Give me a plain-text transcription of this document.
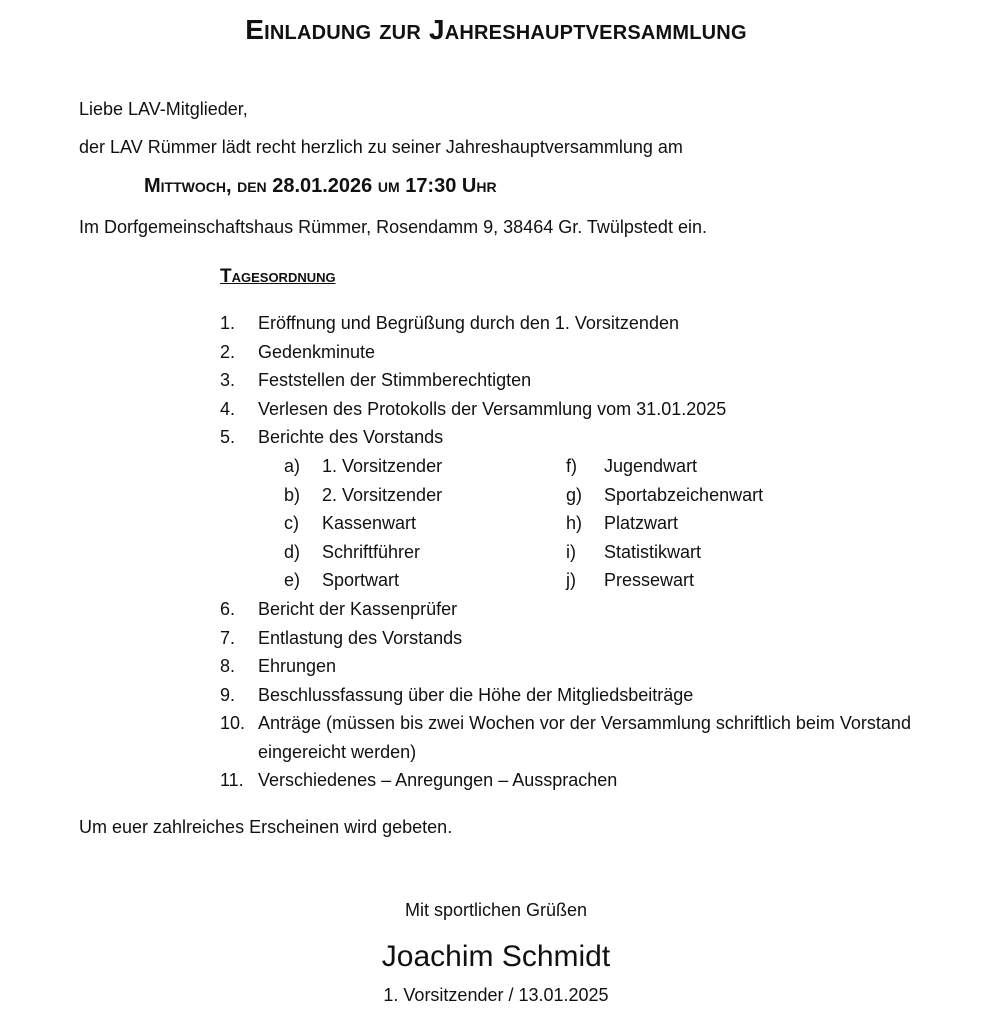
Einladung zur Jahreshauptversammlung
Liebe LAV-Mitglieder,
der LAV Rümmer lädt recht herzlich zu seiner Jahreshauptversammlung am
Mittwoch, den 28.01.2026 um 17:30 Uhr
Im Dorfgemeinschaftshaus Rümmer, Rosendamm 9, 38464 Gr. Twülpstedt ein.
Tagesordnung
1.	Eröffnung und Begrüßung durch den 1. Vorsitzenden
2.	Gedenkminute
3.	Feststellen der Stimmberechtigten
4.	Verlesen des Protokolls der Versammlung vom 31.01.2025
5.	Berichte des Vorstands
a) 1. Vorsitzender
b) 2. Vorsitzender
c) Kassenwart
d) Schriftführer
e) Sportwart
f) Jugendwart
g) Sportabzeichenwart
h) Platzwart
i) Statistikwart
j) Pressewart
6.	Bericht der Kassenprüfer
7.	Entlastung des Vorstands
8.	Ehrungen
9.	Beschlussfassung über die Höhe der Mitgliedsbeiträge
10. Anträge (müssen bis zwei Wochen vor der Versammlung schriftlich beim Vorstand eingereicht werden)
11. Verschiedenes – Anregungen – Aussprachen
Um euer zahlreiches Erscheinen wird gebeten.
Mit sportlichen Grüßen
Joachim Schmidt
1. Vorsitzender / 13.01.2025
